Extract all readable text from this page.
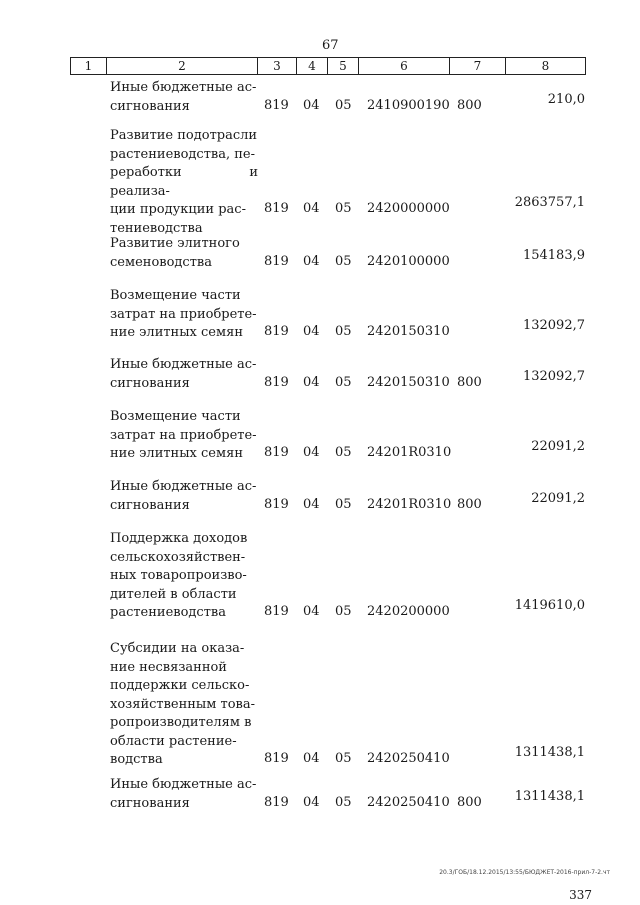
67
1	2	3	4	5	6	7	8
Иные бюджетные ас-
сигнования	819 04 05 2410900190 800	210,0
Развитие подотрасли
растениеводства, пе-
реработки и реализа-
ции продукции рас-
тениеводства
819 04 05 2420000000	2863757,1
Развитие элитного
семеноводства	819 04 05 2420100000	154183,9
Возмещение части
затрат на приобрете-
ние элитных семян	819 04 05 2420150310	132092,7
Иные бюджетные ас-
сигнования	819 04 05 2420150310 800	132092,7
Возмещение части
затрат на приобрете-
ние элитных семян	819 04 05 24201R0310	22091,2
Иные бюджетные ас-
сигнования	819 04 05 24201R0310 800	22091,2
Поддержка доходов
сельскохозяйствен-
ных товаропроизво-
дителей в области
растениеводства	819 04 05 2420200000	1419610,0
Субсидии на оказа-
ние несвязанной
поддержки сельско-
хозяйственным това-
ропроизводителям в
области растение-
водства	819 04 05 2420250410	1311438,1
Иные бюджетные ас-
сигнования	819 04 05 2420250410 800	1311438,1
20.3/ГОБ/18.12.2015/13:55/БЮДЖЕТ-2016-прил-7-2.чт
337
